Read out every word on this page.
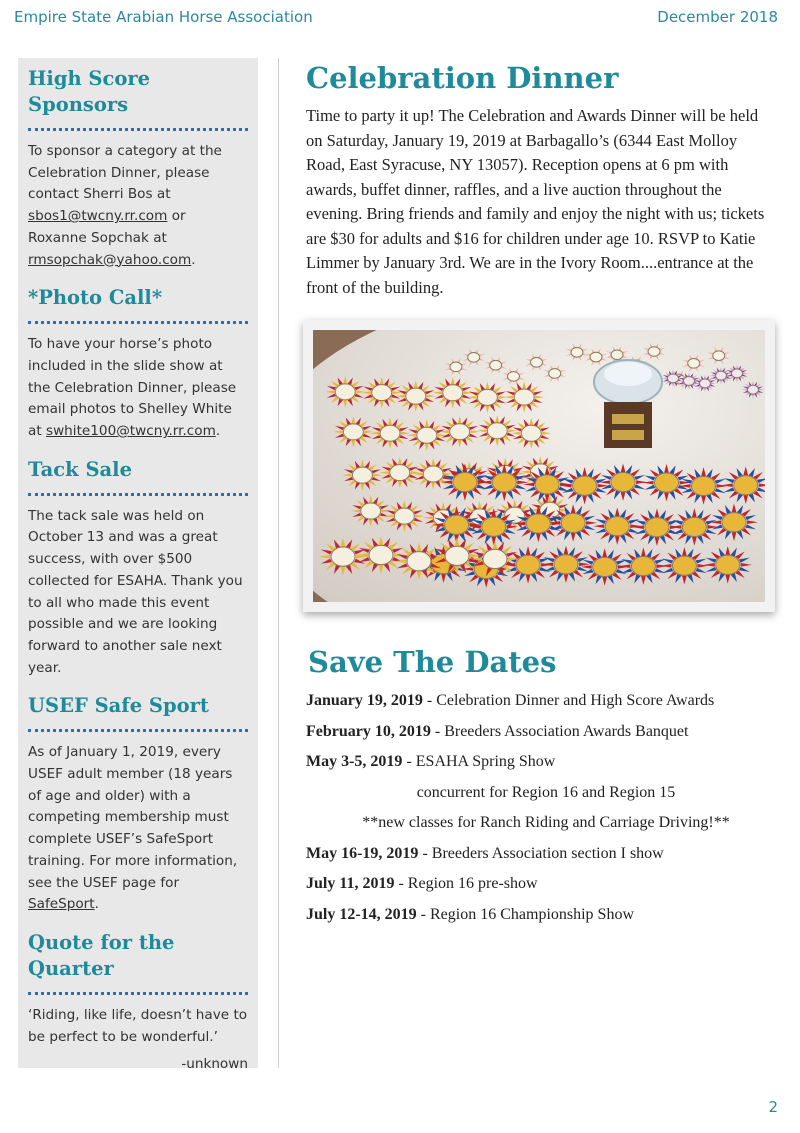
Empire State Arabian Horse Association	December 2018
High Score Sponsors

To sponsor a category at the Celebration Dinner, please contact Sherri Bos at sbos1@twcny.rr.com or Roxanne Sopchak at rmsopchak@yahoo.com.

*Photo Call*

To have your horse’s photo included in the slide show at the Celebration Dinner, please email photos to Shelley White at swhite100@twcny.rr.com.

Tack Sale

The tack sale was held on October 13 and was a great success, with over $500 collected for ESAHA. Thank you to all who made this event possible and we are looking forward to another sale next year.

USEF Safe Sport

As of January 1, 2019, every USEF adult member (18 years of age and older) with a competing membership must complete USEF’s SafeSport training. For more information, see the USEF page for SafeSport.

Quote for the Quarter

‘Riding, like life, doesn’t have to be perfect to be wonderful.’

-unknown
Celebration Dinner

Time to party it up! The Celebration and Awards Dinner will be held on Saturday, January 19, 2019 at Barbagallo’s (6344 East Molloy Road, East Syracuse, NY 13057). Reception opens at 6 pm with awards, buffet dinner, raffles, and a live auction throughout the evening. Bring friends and family and enjoy the night with us; tickets are $30 for adults and $16 for children under age 10. RSVP to Katie Limmer by January 3rd. We are in the Ivory Room....entrance at the front of the building.

Save The Dates
January 19, 2019 - Celebration Dinner and High Score Awards
February 10, 2019 - Breeders Association Awards Banquet
May 3-5, 2019 - ESAHA Spring Show
concurrent for Region 16 and Region 15
**new classes for Ranch Riding and Carriage Driving!**
May 16-19, 2019 - Breeders Association section I show
July 11, 2019 - Region 16 pre-show
July 12-14, 2019 - Region 16 Championship Show
2
